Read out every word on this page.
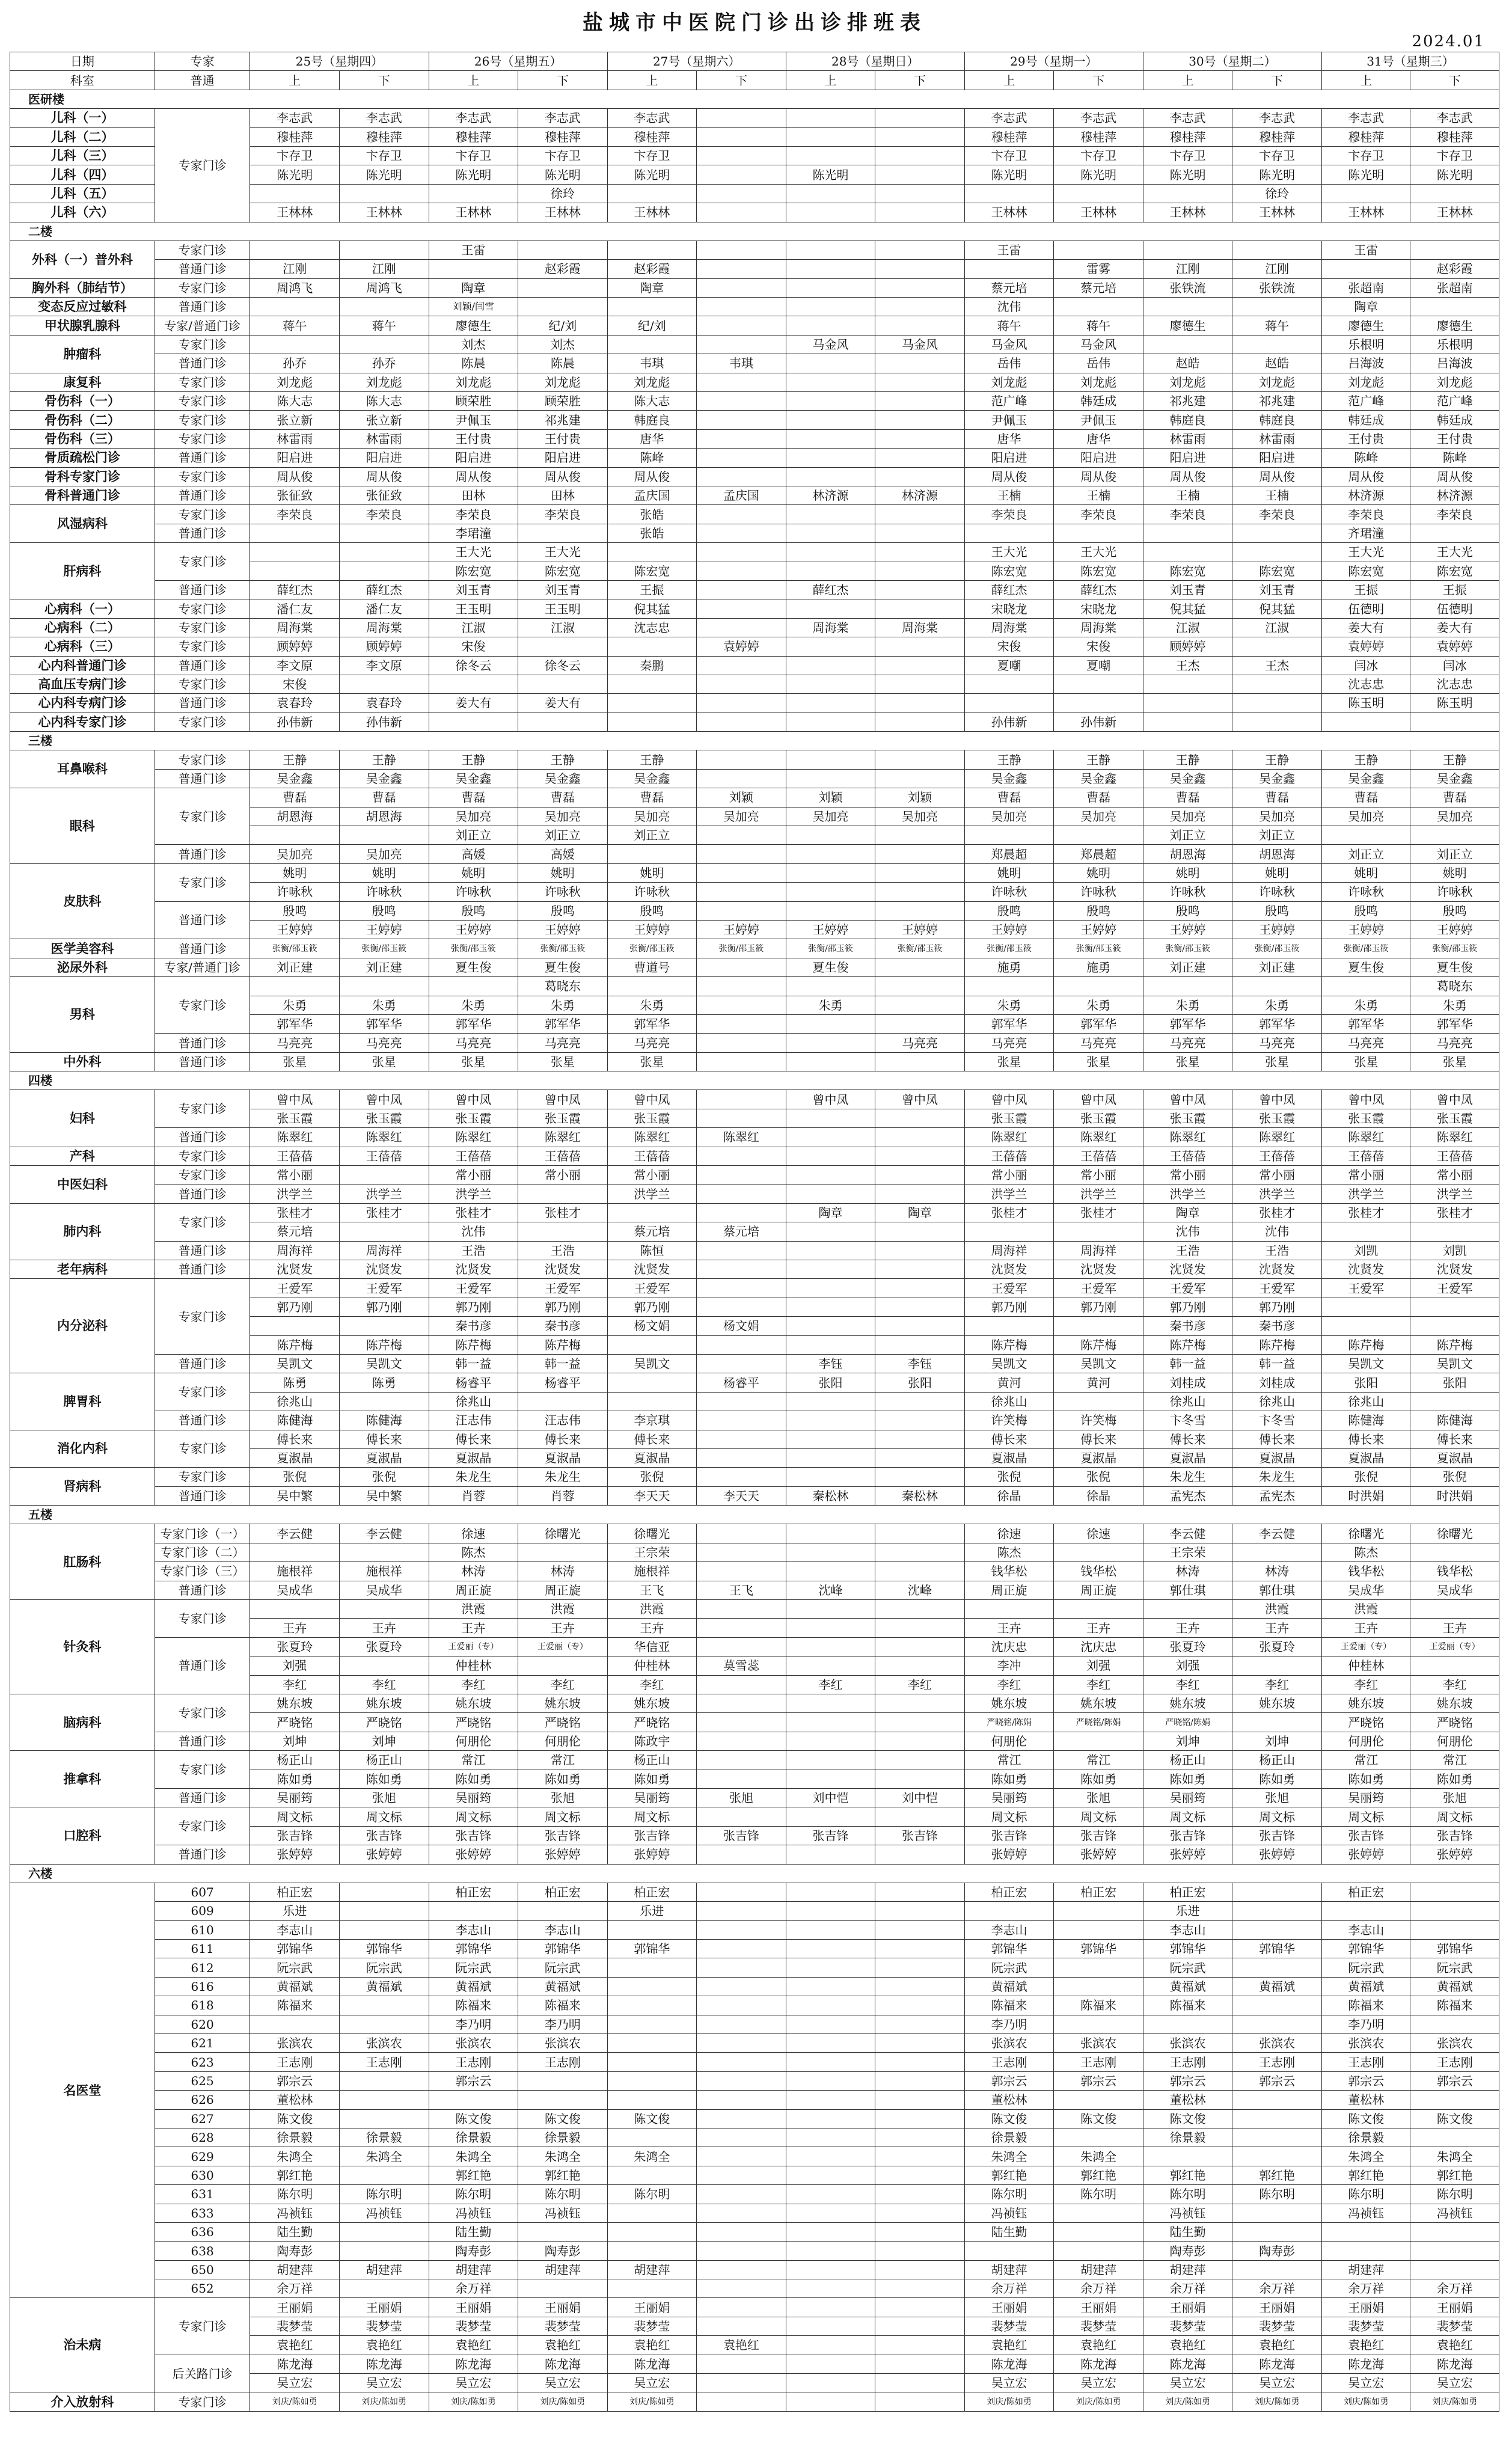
盐城市中医院门诊出诊排班表
2024.01
日期	专家	25号（星期四）		26号（星期五）		27号（星期六）		28号（星期日）		29号（星期一）		30号（星期二）		31号（星期三）	
科室	普通	上	下	上	下	上	下	上	下	上	下	上	下	上	下
医研楼															
儿科（一）	专家门诊	李志武	李志武	李志武	李志武	李志武				李志武	李志武	李志武	李志武	李志武	李志武
儿科（二）		穆桂萍	穆桂萍	穆桂萍	穆桂萍	穆桂萍				穆桂萍	穆桂萍	穆桂萍	穆桂萍	穆桂萍	穆桂萍
儿科（三）		卞存卫	卞存卫	卞存卫	卞存卫	卞存卫				卞存卫	卞存卫	卞存卫	卞存卫	卞存卫	卞存卫
儿科（四）		陈光明	陈光明	陈光明	陈光明	陈光明		陈光明		陈光明	陈光明	陈光明	陈光明	陈光明	陈光明
儿科（五）					徐玲								徐玲		
儿科（六）		王林林	王林林	王林林	王林林	王林林				王林林	王林林	王林林	王林林	王林林	王林林
二楼															
外科（一）普外科	专家门诊			王雷						王雷				王雷	
	普通门诊	江刚	江刚		赵彩霞	赵彩霞					雷雾	江刚	江刚		赵彩霞
胸外科（肺结节）	专家门诊	周鸿飞	周鸿飞	陶章		陶章				蔡元培	蔡元培	张铁流	张铁流	张超南	张超南
变态反应过敏科	普通门诊			刘颖/闫雪						沈伟				陶章	
甲状腺乳腺科	专家/普通门诊	蒋午	蒋午	廖德生	纪/刘	纪/刘				蒋午	蒋午	廖德生	蒋午	廖德生	廖德生
肿瘤科	专家门诊			刘杰	刘杰			马金风	马金风	马金风	马金风			乐根明	乐根明
	普通门诊	孙乔	孙乔	陈晨	陈晨	韦琪	韦琪			岳伟	岳伟	赵皓	赵皓	吕海波	吕海波
康复科	专家门诊	刘龙彪	刘龙彪	刘龙彪	刘龙彪	刘龙彪				刘龙彪	刘龙彪	刘龙彪	刘龙彪	刘龙彪	刘龙彪
骨伤科（一）	专家门诊	陈大志	陈大志	顾荣胜	顾荣胜	陈大志				范广峰	韩廷成	祁兆建	祁兆建	范广峰	范广峰
骨伤科（二）	专家门诊	张立新	张立新	尹佩玉	祁兆建	韩庭良				尹佩玉	尹佩玉	韩庭良	韩庭良	韩廷成	韩廷成
骨伤科（三）	专家门诊	林雷雨	林雷雨	王付贵	王付贵	唐华				唐华	唐华	林雷雨	林雷雨	王付贵	王付贵
骨质疏松门诊	普通门诊	阳启进	阳启进	阳启进	阳启进	陈峰				阳启进	阳启进	阳启进	阳启进	陈峰	陈峰
骨科专家门诊	专家门诊	周从俊	周从俊	周从俊	周从俊	周从俊				周从俊	周从俊	周从俊	周从俊	周从俊	周从俊
骨科普通门诊	普通门诊	张征致	张征致	田林	田林	孟庆国	孟庆国	林济源	林济源	王楠	王楠	王楠	王楠	林济源	林济源
风湿病科	专家门诊	李荣良	李荣良	李荣良	李荣良	张皓				李荣良	李荣良	李荣良	李荣良	李荣良	李荣良
	普通门诊			李珺潼		张皓								齐珺潼	
肝病科	专家门诊			王大光	王大光					王大光	王大光			王大光	王大光
				陈宏宽	陈宏宽	陈宏宽				陈宏宽	陈宏宽	陈宏宽	陈宏宽	陈宏宽	陈宏宽
	普通门诊	薛红杰	薛红杰	刘玉青	刘玉青	王振		薛红杰		薛红杰	薛红杰	刘玉青	刘玉青	王振	王振
心病科（一）	专家门诊	潘仁友	潘仁友	王玉明	王玉明	倪其猛				宋晓龙	宋晓龙	倪其猛	倪其猛	伍德明	伍德明
心病科（二）	专家门诊	周海棠	周海棠	江淑	江淑	沈志忠		周海棠	周海棠	周海棠	周海棠	江淑	江淑	姜大有	姜大有
心病科（三）	专家门诊	顾婷婷	顾婷婷	宋俊			袁婷婷			宋俊	宋俊	顾婷婷		袁婷婷	袁婷婷
心内科普通门诊	普通门诊	李文原	李文原	徐冬云	徐冬云	秦鹏				夏嘲	夏嘲	王杰	王杰	闫冰	闫冰
高血压专病门诊	专家门诊	宋俊												沈志忠	沈志忠
心内科专病门诊	普通门诊	袁春玲	袁春玲	姜大有	姜大有									陈玉明	陈玉明
心内科专家门诊	专家门诊	孙伟新	孙伟新							孙伟新	孙伟新				
三楼															
耳鼻喉科	专家门诊	王静	王静	王静	王静	王静				王静	王静	王静	王静	王静	王静
	普通门诊	吴金鑫	吴金鑫	吴金鑫	吴金鑫	吴金鑫				吴金鑫	吴金鑫	吴金鑫	吴金鑫	吴金鑫	吴金鑫
眼科	专家门诊	曹磊	曹磊	曹磊	曹磊	曹磊	刘颖	刘颖	刘颖	曹磊	曹磊	曹磊	曹磊	曹磊	曹磊
		胡恩海	胡恩海	吴加亮	吴加亮	吴加亮	吴加亮	吴加亮	吴加亮	吴加亮	吴加亮	吴加亮	吴加亮	吴加亮	吴加亮
				刘正立	刘正立	刘正立						刘正立	刘正立		
	普通门诊	吴加亮	吴加亮	高媛	高媛					郑晨超	郑晨超	胡恩海	胡恩海	刘正立	刘正立
皮肤科	专家门诊	姚明	姚明	姚明	姚明	姚明				姚明	姚明	姚明	姚明	姚明	姚明
		许咏秋	许咏秋	许咏秋	许咏秋	许咏秋				许咏秋	许咏秋	许咏秋	许咏秋	许咏秋	许咏秋
	普通门诊	殷鸣	殷鸣	殷鸣	殷鸣	殷鸣				殷鸣	殷鸣	殷鸣	殷鸣	殷鸣	殷鸣
		王婷婷	王婷婷	王婷婷	王婷婷	王婷婷	王婷婷	王婷婷	王婷婷	王婷婷	王婷婷	王婷婷	王婷婷	王婷婷	王婷婷
医学美容科	普通门诊	张衡/邵玉筱	张衡/邵玉筱	张衡/邵玉筱	张衡/邵玉筱	张衡/邵玉筱	张衡/邵玉筱	张衡/邵玉筱	张衡/邵玉筱	张衡/邵玉筱	张衡/邵玉筱	张衡/邵玉筱	张衡/邵玉筱	张衡/邵玉筱	张衡/邵玉筱
泌尿外科	专家/普通门诊	刘正建	刘正建	夏生俊	夏生俊	曹道号		夏生俊		施勇	施勇	刘正建	刘正建	夏生俊	夏生俊
男科	专家门诊				葛晓东										葛晓东
		朱勇	朱勇	朱勇	朱勇	朱勇		朱勇		朱勇	朱勇	朱勇	朱勇	朱勇	朱勇
		郭军华	郭军华	郭军华	郭军华	郭军华				郭军华	郭军华	郭军华	郭军华	郭军华	郭军华
	普通门诊	马亮亮	马亮亮	马亮亮	马亮亮	马亮亮			马亮亮	马亮亮	马亮亮	马亮亮	马亮亮	马亮亮	马亮亮
中外科	普通门诊	张星	张星	张星	张星	张星				张星	张星	张星	张星	张星	张星
四楼															
妇科	专家门诊	曾中凤	曾中凤	曾中凤	曾中凤	曾中凤		曾中凤	曾中凤	曾中凤	曾中凤	曾中凤	曾中凤	曾中凤	曾中凤
		张玉霞	张玉霞	张玉霞	张玉霞	张玉霞				张玉霞	张玉霞	张玉霞	张玉霞	张玉霞	张玉霞
	普通门诊	陈翠红	陈翠红	陈翠红	陈翠红	陈翠红	陈翠红			陈翠红	陈翠红	陈翠红	陈翠红	陈翠红	陈翠红
产科	专家门诊	王蓓蓓	王蓓蓓	王蓓蓓	王蓓蓓	王蓓蓓				王蓓蓓	王蓓蓓	王蓓蓓	王蓓蓓	王蓓蓓	王蓓蓓
中医妇科	专家门诊	常小丽		常小丽	常小丽	常小丽				常小丽	常小丽	常小丽	常小丽	常小丽	常小丽
	普通门诊	洪学兰	洪学兰	洪学兰		洪学兰				洪学兰	洪学兰	洪学兰	洪学兰	洪学兰	洪学兰
肺内科	专家门诊	张桂才	张桂才	张桂才	张桂才			陶章	陶章	张桂才	张桂才	陶章	张桂才	张桂才	张桂才
		蔡元培		沈伟		蔡元培	蔡元培					沈伟	沈伟		
	普通门诊	周海祥	周海祥	王浩	王浩	陈恒				周海祥	周海祥	王浩	王浩	刘凯	刘凯
老年病科	普通门诊	沈贤发	沈贤发	沈贤发	沈贤发	沈贤发				沈贤发	沈贤发	沈贤发	沈贤发	沈贤发	沈贤发
内分泌科	专家门诊	王爱军	王爱军	王爱军	王爱军	王爱军				王爱军	王爱军	王爱军	王爱军	王爱军	王爱军
		郭乃刚	郭乃刚	郭乃刚	郭乃刚	郭乃刚				郭乃刚	郭乃刚	郭乃刚	郭乃刚		
				秦书彦	秦书彦	杨文娟	杨文娟					秦书彦	秦书彦		
		陈芹梅	陈芹梅	陈芹梅	陈芹梅					陈芹梅	陈芹梅	陈芹梅	陈芹梅	陈芹梅	陈芹梅
	普通门诊	吴凯文	吴凯文	韩一益	韩一益	吴凯文		李钰	李钰	吴凯文	吴凯文	韩一益	韩一益	吴凯文	吴凯文
脾胃科	专家门诊	陈勇	陈勇	杨睿平	杨睿平		杨睿平	张阳	张阳	黄河	黄河	刘桂成	刘桂成	张阳	张阳
		徐兆山		徐兆山						徐兆山		徐兆山	徐兆山	徐兆山	
	普通门诊	陈健海	陈健海	汪志伟	汪志伟	李京琪				许笑梅	许笑梅	卞冬雪	卞冬雪	陈健海	陈健海
消化内科	专家门诊	傅长来	傅长来	傅长来	傅长来	傅长来				傅长来	傅长来	傅长来	傅长来	傅长来	傅长来
		夏淑晶	夏淑晶	夏淑晶	夏淑晶	夏淑晶				夏淑晶	夏淑晶	夏淑晶	夏淑晶	夏淑晶	夏淑晶
肾病科	专家门诊	张倪	张倪	朱龙生	朱龙生	张倪				张倪	张倪	朱龙生	朱龙生	张倪	张倪
	普通门诊	吴中繁	吴中繁	肖蓉	肖蓉	李天天	李天天	秦松林	秦松林	徐晶	徐晶	孟宪杰	孟宪杰	时洪娟	时洪娟
五楼															
肛肠科	专家门诊（一）	李云健	李云健	徐速	徐曙光	徐曙光				徐速	徐速	李云健	李云健	徐曙光	徐曙光
	专家门诊（二）			陈杰		王宗荣				陈杰		王宗荣		陈杰	
	专家门诊（三）	施根祥	施根祥	林涛	林涛	施根祥				钱华松	钱华松	林涛	林涛	钱华松	钱华松
	普通门诊	吴成华	吴成华	周正旋	周正旋	王飞	王飞	沈峰	沈峰	周正旋	周正旋	郭仕琪	郭仕琪	吴成华	吴成华
针灸科	专家门诊			洪霞	洪霞	洪霞							洪霞	洪霞	
		王卉	王卉	王卉	王卉	王卉				王卉	王卉	王卉	王卉	王卉	王卉
	普通门诊	张夏玲	张夏玲	王爱丽（专）	王爱丽（专）	华信亚				沈庆忠	沈庆忠	张夏玲	张夏玲	王爱丽（专）	王爱丽（专）
		刘强		仲桂林		仲桂林	莫雪蕊			李冲	刘强	刘强		仲桂林	
		李红	李红	李红	李红	李红		李红	李红	李红	李红	李红	李红	李红	李红
脑病科	专家门诊	姚东坡	姚东坡	姚东坡	姚东坡	姚东坡				姚东坡	姚东坡	姚东坡	姚东坡	姚东坡	姚东坡
		严晓铭	严晓铭	严晓铭	严晓铭	严晓铭				严晓铭/陈娟	严晓铭/陈娟	严晓铭/陈娟		严晓铭	严晓铭
	普通门诊	刘坤	刘坤	何朋伦	何朋伦	陈政宇				何朋伦		刘坤	刘坤	何朋伦	何朋伦
推拿科	专家门诊	杨正山	杨正山	常江	常江	杨正山				常江	常江	杨正山	杨正山	常江	常江
		陈如勇	陈如勇	陈如勇	陈如勇	陈如勇				陈如勇	陈如勇	陈如勇	陈如勇	陈如勇	陈如勇
	普通门诊	吴丽筠	张旭	吴丽筠	张旭	吴丽筠	张旭	刘中恺	刘中恺	吴丽筠	张旭	吴丽筠	张旭	吴丽筠	张旭
口腔科	专家门诊	周文标	周文标	周文标	周文标	周文标				周文标	周文标	周文标	周文标	周文标	周文标
		张吉锋	张吉锋	张吉锋	张吉锋	张吉锋	张吉锋	张吉锋	张吉锋	张吉锋	张吉锋	张吉锋	张吉锋	张吉锋	张吉锋
	普通门诊	张婷婷	张婷婷	张婷婷	张婷婷	张婷婷				张婷婷	张婷婷	张婷婷	张婷婷	张婷婷	张婷婷
六楼															
名医堂	607	柏正宏		柏正宏	柏正宏	柏正宏				柏正宏	柏正宏	柏正宏		柏正宏	
	609	乐进				乐进						乐进			
	610	李志山		李志山	李志山					李志山		李志山		李志山	
	611	郭锦华	郭锦华	郭锦华	郭锦华	郭锦华				郭锦华	郭锦华	郭锦华	郭锦华	郭锦华	郭锦华
	612	阮宗武	阮宗武	阮宗武	阮宗武					阮宗武		阮宗武		阮宗武	阮宗武
	616	黄福斌	黄福斌	黄福斌	黄福斌					黄福斌		黄福斌	黄福斌	黄福斌	黄福斌
	618	陈福来		陈福来	陈福来					陈福来	陈福来	陈福来		陈福来	陈福来
	620			李乃明	李乃明					李乃明				李乃明	
	621	张滨农	张滨农	张滨农	张滨农					张滨农	张滨农	张滨农	张滨农	张滨农	张滨农
	623	王志刚	王志刚	王志刚	王志刚					王志刚	王志刚	王志刚	王志刚	王志刚	王志刚
	625	郭宗云		郭宗云						郭宗云	郭宗云	郭宗云	郭宗云	郭宗云	郭宗云
	626	董松林								董松林		董松林		董松林	
	627	陈文俊		陈文俊	陈文俊	陈文俊				陈文俊	陈文俊	陈文俊		陈文俊	陈文俊
	628	徐景毅	徐景毅	徐景毅	徐景毅					徐景毅		徐景毅		徐景毅	
	629	朱鸿全	朱鸿全	朱鸿全	朱鸿全	朱鸿全				朱鸿全	朱鸿全			朱鸿全	朱鸿全
	630	郭红艳		郭红艳	郭红艳					郭红艳	郭红艳	郭红艳	郭红艳	郭红艳	郭红艳
	631	陈尔明	陈尔明	陈尔明	陈尔明	陈尔明				陈尔明	陈尔明	陈尔明	陈尔明	陈尔明	陈尔明
	633	冯祯钰	冯祯钰	冯祯钰	冯祯钰					冯祯钰		冯祯钰		冯祯钰	冯祯钰
	636	陆生勤		陆生勤						陆生勤		陆生勤			
	638	陶寿彭		陶寿彭	陶寿彭							陶寿彭	陶寿彭		
	650	胡建萍	胡建萍	胡建萍	胡建萍	胡建萍				胡建萍	胡建萍	胡建萍		胡建萍	
	652	余万祥		余万祥						余万祥	余万祥	余万祥	余万祥	余万祥	余万祥
治未病	专家门诊	王丽娟	王丽娟	王丽娟	王丽娟	王丽娟				王丽娟	王丽娟	王丽娟	王丽娟	王丽娟	王丽娟
		裴梦莹	裴梦莹	裴梦莹	裴梦莹	裴梦莹				裴梦莹	裴梦莹	裴梦莹	裴梦莹	裴梦莹	裴梦莹
		袁艳红	袁艳红	袁艳红	袁艳红	袁艳红	袁艳红			袁艳红	袁艳红	袁艳红	袁艳红	袁艳红	袁艳红
	后关路门诊	陈龙海	陈龙海	陈龙海	陈龙海	陈龙海				陈龙海	陈龙海	陈龙海	陈龙海	陈龙海	陈龙海
		吴立宏	吴立宏	吴立宏	吴立宏	吴立宏				吴立宏	吴立宏	吴立宏	吴立宏	吴立宏	吴立宏
介入放射科	专家门诊	刘庆/陈如勇	刘庆/陈如勇	刘庆/陈如勇	刘庆/陈如勇	刘庆/陈如勇				刘庆/陈如勇	刘庆/陈如勇	刘庆/陈如勇	刘庆/陈如勇	刘庆/陈如勇	刘庆/陈如勇
